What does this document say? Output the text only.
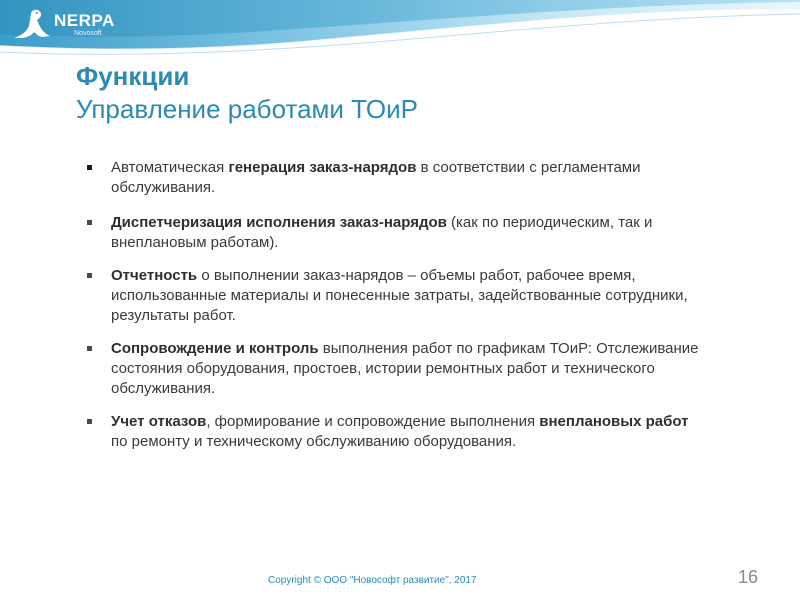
NERPA
Novosoft
Функции
Управление работами ТОиР
Автоматическая генерация заказ-нарядов в соответствии с регламентами обслуживания.
Диспетчеризация исполнения заказ-нарядов (как по периодическим, так и внеплановым работам).
Отчетность о выполнении заказ-нарядов – объемы работ, рабочее время, использованные материалы и понесенные затраты, задействованные сотрудники, результаты работ.
Сопровождение и контроль выполнения работ по графикам ТОиР: Отслеживание состояния оборудования, простоев, истории ремонтных работ и технического обслуживания.
Учет отказов, формирование и сопровождение выполнения внеплановых работ по ремонту и техническому обслуживанию оборудования.
Copyright © ООО "Новософт развитие", 2017	16
